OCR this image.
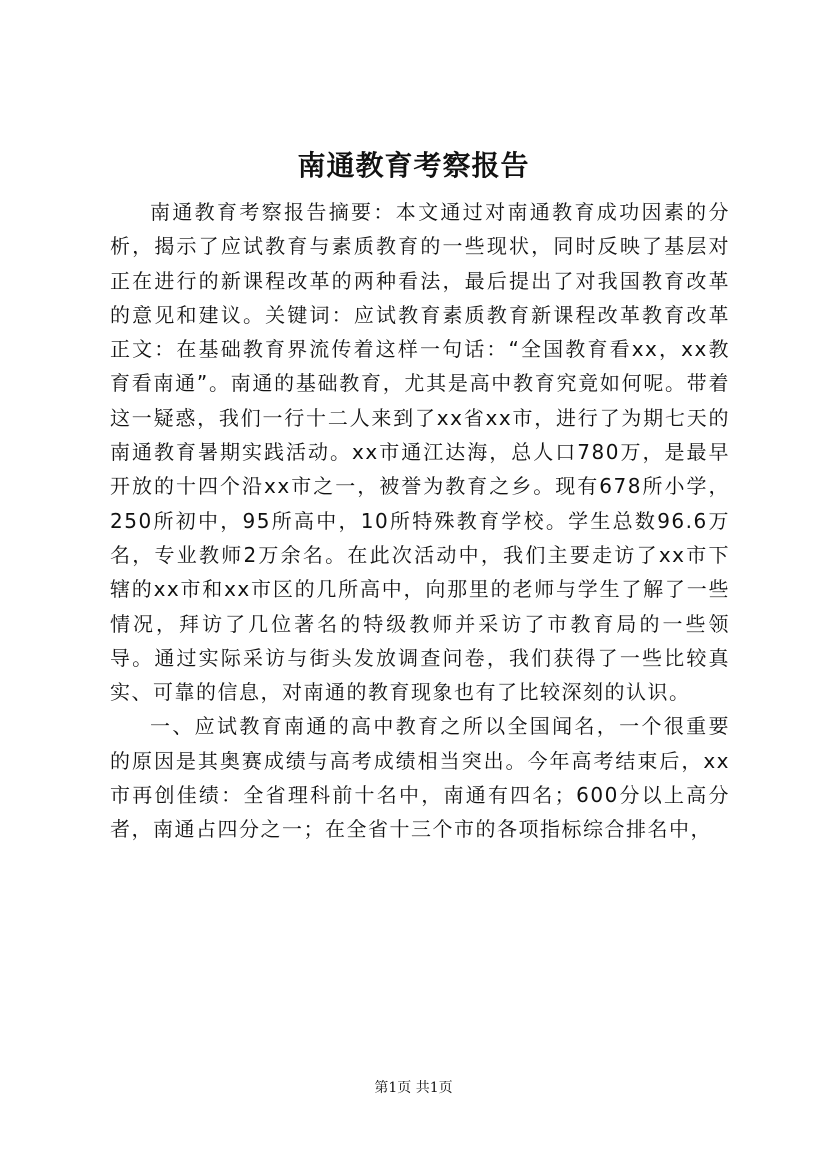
南通教育考察报告

南通教育考察报告摘要：本文通过对南通教育成功因素的分析，揭示了应试教育与素质教育的一些现状，同时反映了基层对正在进行的新课程改革的两种看法，最后提出了对我国教育改革的意见和建议。关键词：应试教育素质教育新课程改革教育改革正文：在基础教育界流传着这样一句话：“全国教育看xx，xx教育看南通”。南通的基础教育，尤其是高中教育究竟如何呢。带着这一疑惑，我们一行十二人来到了xx省xx市，进行了为期七天的南通教育暑期实践活动。xx市通江达海，总人口780万，是最早开放的十四个沿xx市之一，被誉为教育之乡。现有678所小学，250所初中，95所高中，10所特殊教育学校。学生总数96.6万名，专业教师2万余名。在此次活动中，我们主要走访了xx市下辖的xx市和xx市区的几所高中，向那里的老师与学生了解了一些情况，拜访了几位著名的特级教师并采访了市教育局的一些领导。通过实际采访与街头发放调查问卷，我们获得了一些比较真实、可靠的信息，对南通的教育现象也有了比较深刻的认识。

一、应试教育南通的高中教育之所以全国闻名，一个很重要的原因是其奥赛成绩与高考成绩相当突出。今年高考结束后，xx市再创佳绩：全省理科前十名中，南通有四名；600分以上高分者，南通占四分之一；在全省十三个市的各项指标综合排名中，

第1页 共1页
